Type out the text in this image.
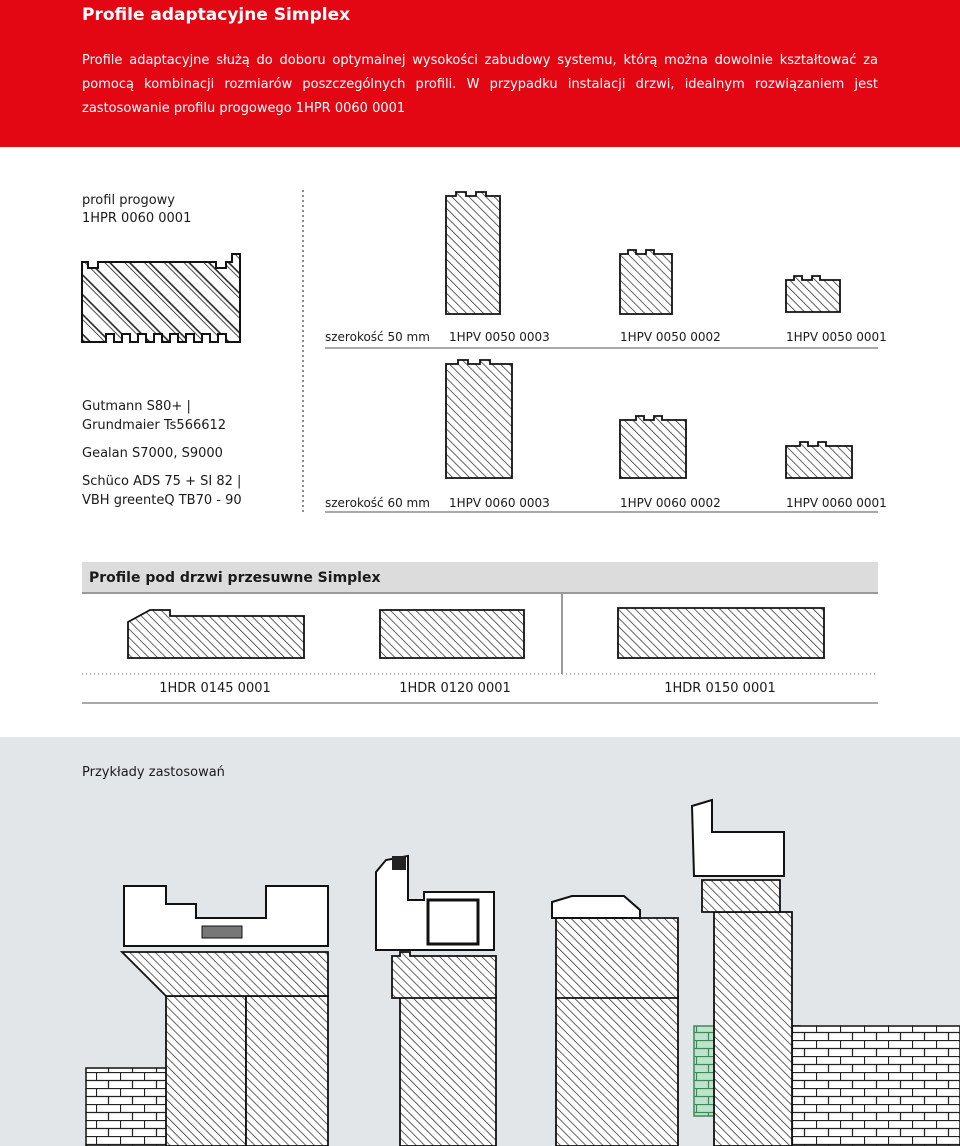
Profile adaptacyjne Simplex

Profile adaptacyjne służą do doboru optymalnej wysokości zabudowy systemu, którą można dowolnie kształtować za pomocą kombinacji rozmiarów poszczególnych profili. W przypadku instalacji drzwi, idealnym rozwiązaniem jest zastosowanie profilu progowego 1HPR 0060 0001

profil progowy
1HPR 0060 0001
szerokość 50 mm 1HPV 0050 0003	1HPV 0050 0002	1HPV 0050 0001
Gutmann S80+ |
Grundmaier Ts566612
Gealan S7000, S9000
Schüco ADS 75 + SI 82 |
VBH greenteQ TB70 - 90	szerokość 60 mm 1HPV 0060 0003	1HPV 0060 0002	1HPV 0060 0001
Profile pod drzwi przesuwne Simplex
1HDR 0145 0001	1HDR 0120 0001	1HDR 0150 0001
Przykłady zastosowań
